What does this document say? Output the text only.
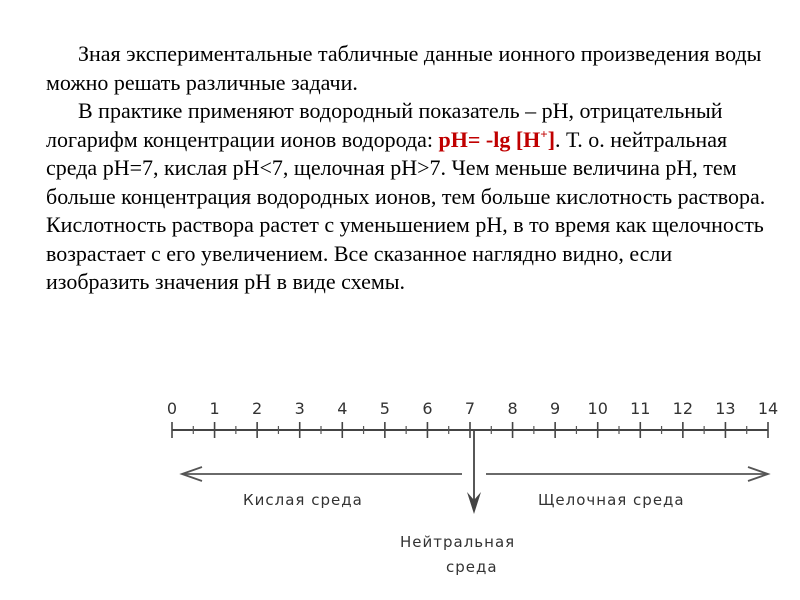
Зная экспериментальные табличные данные ионного произведения воды можно решать различные задачи.

В практике применяют водородный показатель – рН, отрицательный логарифм концентрации ионов водорода: рН= -lg [Н+]. Т. о. нейтральная среда рН=7, кислая рН<7, щелочная рН>7. Чем меньше величина рН, тем больше концентрация водородных ионов, тем больше кислотность раствора. Кислотность раствора растет с уменьшением рН, в то время как щелочность возрастает с его увеличением. Все сказанное наглядно видно, если изобразить значения рН в виде схемы.

0 1 2 3 4 5 6 7 8 9 10 11 12 13 14
Кислая среда	Щелочная среда
Нейтральная
среда
